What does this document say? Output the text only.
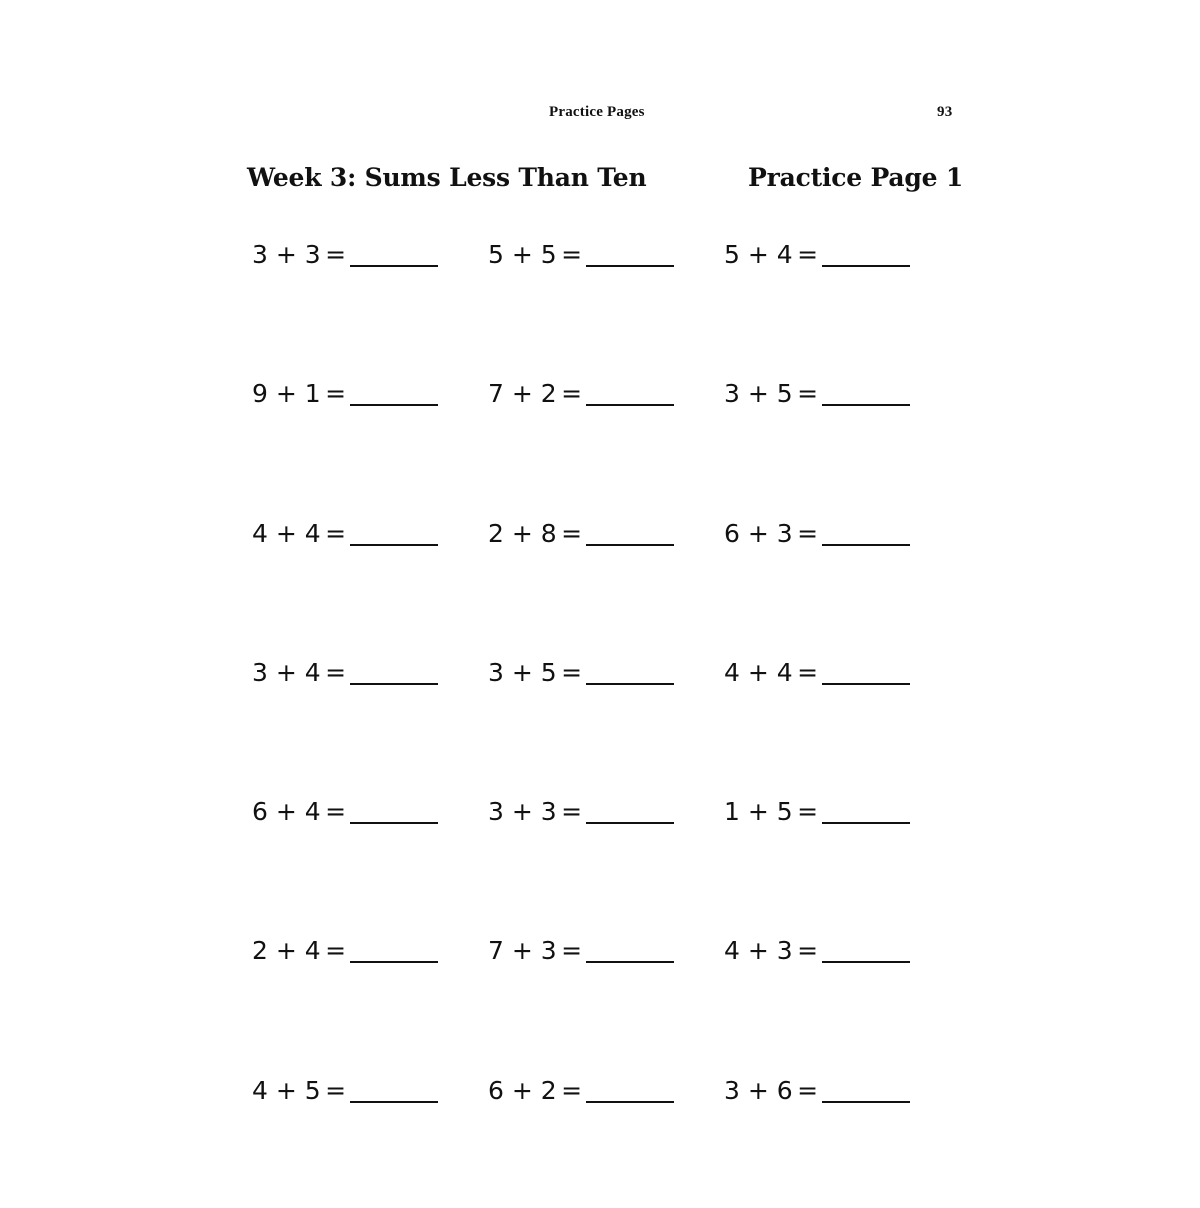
Practice Pages	93
Week 3: Sums Less Than Ten	Practice Page 1
3 + 3 =	5 + 5 =	5 + 4 =
9 + 1 =	7 + 2 =	3 + 5 =
4 + 4 =	2 + 8 =	6 + 3 =
3 + 4 =	3 + 5 =	4 + 4 =
6 + 4 =	3 + 3 =	1 + 5 =
2 + 4 =	7 + 3 =	4 + 3 =
4 + 5 =	6 + 2 =	3 + 6 =
